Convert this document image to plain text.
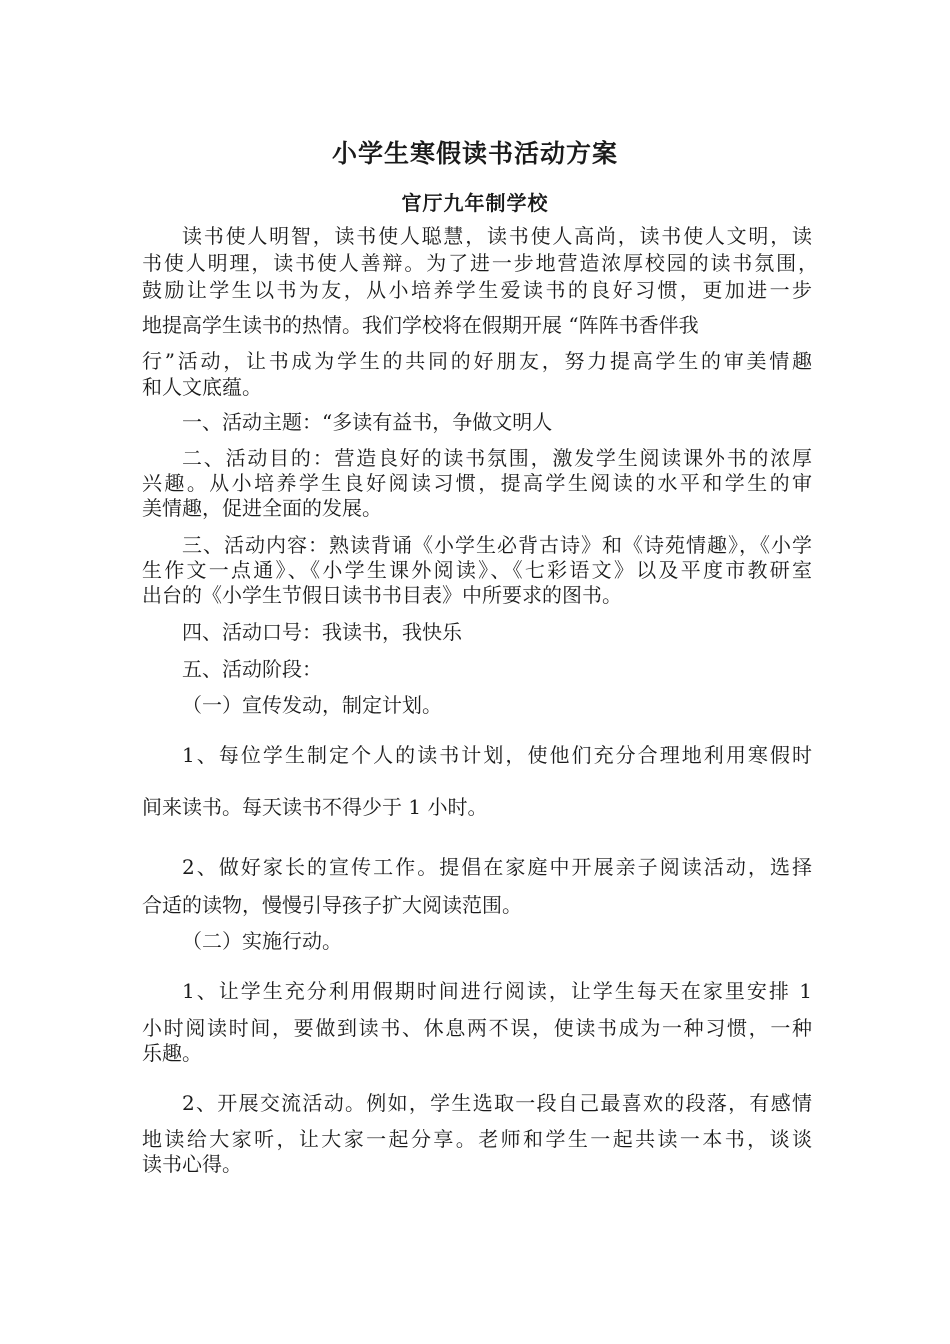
小学生寒假读书活动方案
官厅九年制学校
读书使人明智，读书使人聪慧，读书使人高尚，读书使人文明，读
书使人明理，读书使人善辩。为了进一步地营造浓厚校园的读书氛围，
鼓励让学生以书为友，从小培养学生爱读书的良好习惯，更加进一步
地提高学生读书的热情。我们学校将在假期开展 “阵阵书香伴我
行”活动，让书成为学生的共同的好朋友，努力提高学生的审美情趣
和人文底蕴。
一、活动主题：“多读有益书，争做文明人
二、活动目的：营造良好的读书氛围，激发学生阅读课外书的浓厚
兴趣。从小培养学生良好阅读习惯，提高学生阅读的水平和学生的审
美情趣，促进全面的发展。
三、活动内容：熟读背诵《小学生必背古诗》和《诗苑情趣》，《小学
生作文一点通》、《小学生课外阅读》、《七彩语文》以及平度市教研室
出台的《小学生节假日读书书目表》中所要求的图书。
四、活动口号：我读书，我快乐
五、活动阶段：
（一）宣传发动，制定计划。
1、每位学生制定个人的读书计划，使他们充分合理地利用寒假时
间来读书。每天读书不得少于 1 小时。
2、做好家长的宣传工作。提倡在家庭中开展亲子阅读活动，选择
合适的读物，慢慢引导孩子扩大阅读范围。
（二）实施行动。
1、让学生充分利用假期时间进行阅读，让学生每天在家里安排 1
小时阅读时间，要做到读书、休息两不误，使读书成为一种习惯，一种
乐趣。
2、开展交流活动。例如，学生选取一段自己最喜欢的段落，有感情
地读给大家听，让大家一起分享。老师和学生一起共读一本书，谈谈
读书心得。
